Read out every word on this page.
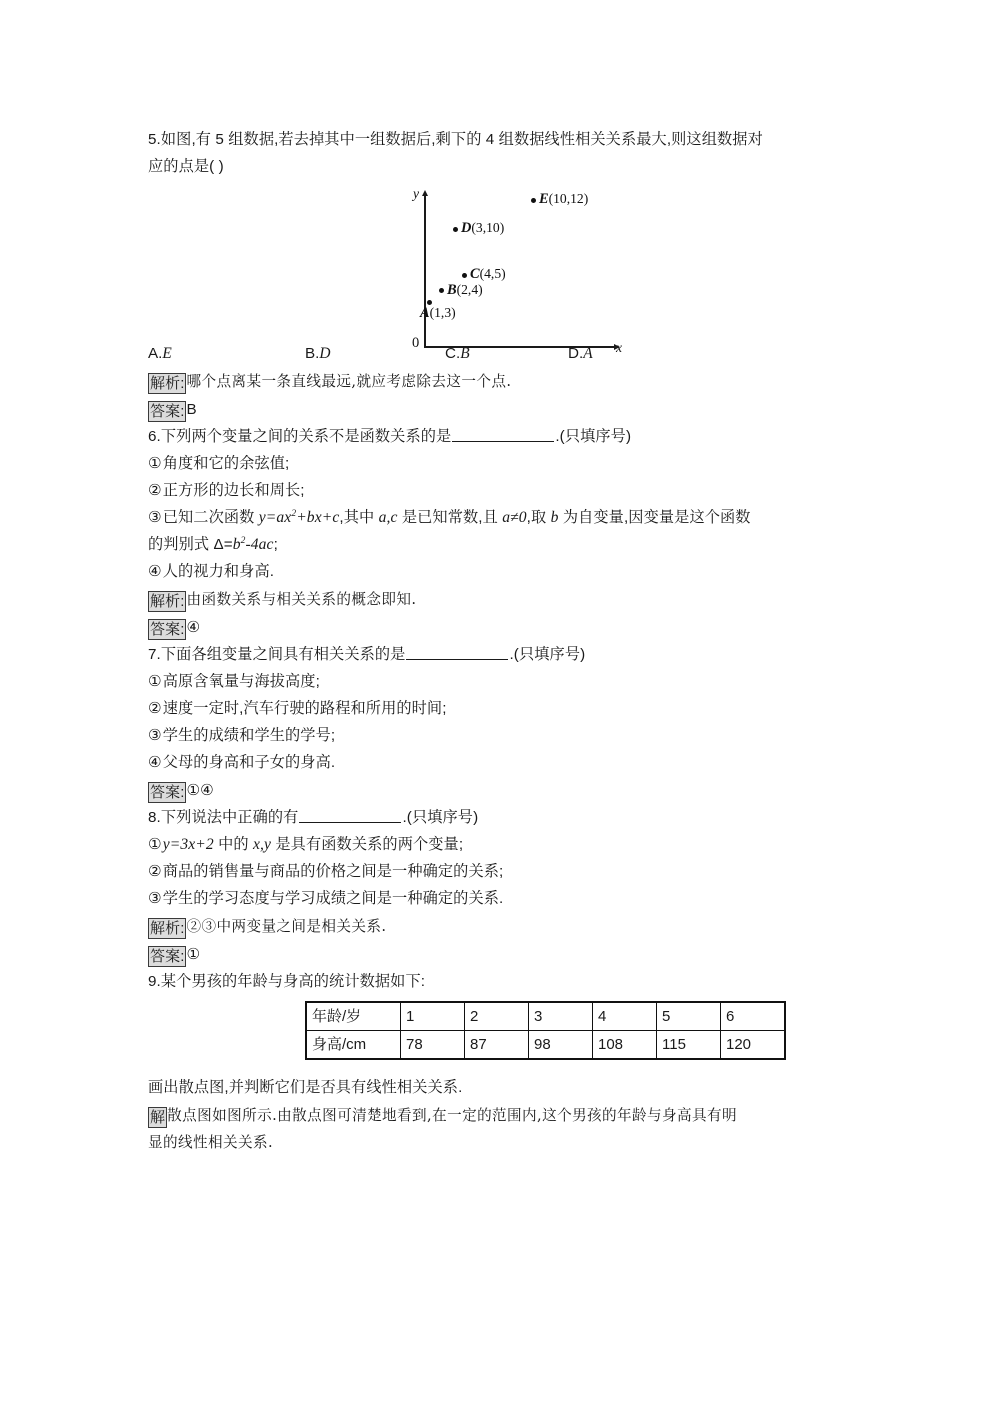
5.如图,有 5 组数据,若去掉其中一组数据后,剩下的 4 组数据线性相关关系最大,则这组数据对
应的点是( )
y
x
0
E(10,12)
D(3,10)
C(4,5)
B(2,4)
A(1,3)
A.E	B.D	C.B	D.A
解析: 哪个点离某一条直线最远,就应考虑除去这一个点.
答案: B
6.下列两个变量之间的关系不是函数关系的是	.(只填序号)
①角度和它的余弦值;
②正方形的边长和周长;
③已知二次函数 $y=ax^2+bx+c$,其中 a,c 是已知常数,且 a≠0,取 b 为自变量,因变量是这个函数
的判别式 $\Delta=b^2-4ac$;
④人的视力和身高.
解析: 由函数关系与相关关系的概念即知.
答案: ④
7.下面各组变量之间具有相关关系的是	.(只填序号)
①高原含氧量与海拔高度;
②速度一定时,汽车行驶的路程和所用的时间;
③学生的成绩和学生的学号;
④父母的身高和子女的身高.
答案: ①④
8.下列说法中正确的有	.(只填序号)
①y=3x+2 中的 x,y 是具有函数关系的两个变量;
②商品的销售量与商品的价格之间是一种确定的关系;
③学生的学习态度与学习成绩之间是一种确定的关系.
解析: ②③中两变量之间是相关关系.
答案: ①
9.某个男孩的年龄与身高的统计数据如下:
年龄/岁	1	2	3	4	5	6
身高/cm	78	87	98	108	115	120
画出散点图,并判断它们是否具有线性相关关系.
解 散点图如图所示.由散点图可清楚地看到,在一定的范围内,这个男孩的年龄与身高具有明
显的线性相关关系.
